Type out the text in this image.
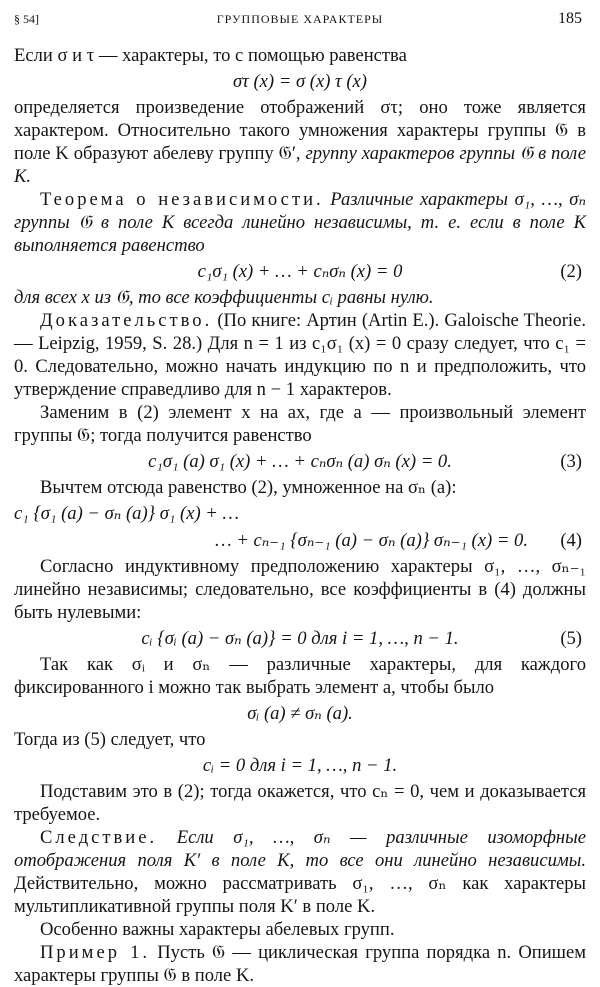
§ 54]	ГРУППОВЫЕ ХАРАКТЕРЫ	185

Если σ и τ — характеры, то с помощью равенства

στ (x) = σ (x) τ (x)

определяется произведение отображений στ; оно тоже является характером. Относительно такого умножения характеры группы 𝔊 в поле K образуют абелеву группу 𝔊′, группу характеров группы 𝔊 в поле K.

Теорема о независимости. Различные характеры σ₁, …, σₙ группы 𝔊 в поле K всегда линейно независимы, т. е. если в поле K выполняется равенство

c₁σ₁ (x) + … + cₙσₙ (x) = 0	(2)

для всех x из 𝔊, то все коэффициенты cᵢ равны нулю.

Доказательство. (По книге: Артин (Artin E.). Galoische Theorie. — Leipzig, 1959, S. 28.) Для n = 1 из c₁σ₁ (x) = 0 сразу следует, что c₁ = 0. Следовательно, можно начать индукцию по n и предположить, что утверждение справедливо для n − 1 характеров.

Заменим в (2) элемент x на ax, где a — произвольный элемент группы 𝔊; тогда получится равенство

c₁σ₁ (a) σ₁ (x) + … + cₙσₙ (a) σₙ (x) = 0.	(3)

Вычтем отсюда равенство (2), умноженное на σₙ (a):

c₁ {σ₁ (a) − σₙ (a)} σ₁ (x) + …
… + cₙ₋₁ {σₙ₋₁ (a) − σₙ (a)} σₙ₋₁ (x) = 0. (4)

Согласно индуктивному предположению характеры σ₁, …, σₙ₋₁ линейно независимы; следовательно, все коэффициенты в (4) должны быть нулевыми:

cᵢ {σᵢ (a) − σₙ (a)} = 0 для i = 1, …, n − 1.	(5)

Так как σᵢ и σₙ — различные характеры, для каждого фиксированного i можно так выбрать элемент a, чтобы было

σᵢ (a) ≠ σₙ (a).

Тогда из (5) следует, что

cᵢ = 0 для i = 1, …, n − 1.

Подставим это в (2); тогда окажется, что cₙ = 0, чем и доказывается требуемое.

Следствие. Если σ₁, …, σₙ — различные изоморфные отображения поля K′ в поле K, то все они линейно независимы. Действительно, можно рассматривать σ₁, …, σₙ как характеры мультипликативной группы поля K′ в поле K.

Особенно важны характеры абелевых групп.

Пример 1. Пусть 𝔊 — циклическая группа порядка n. Опишем характеры группы 𝔊 в поле K.
